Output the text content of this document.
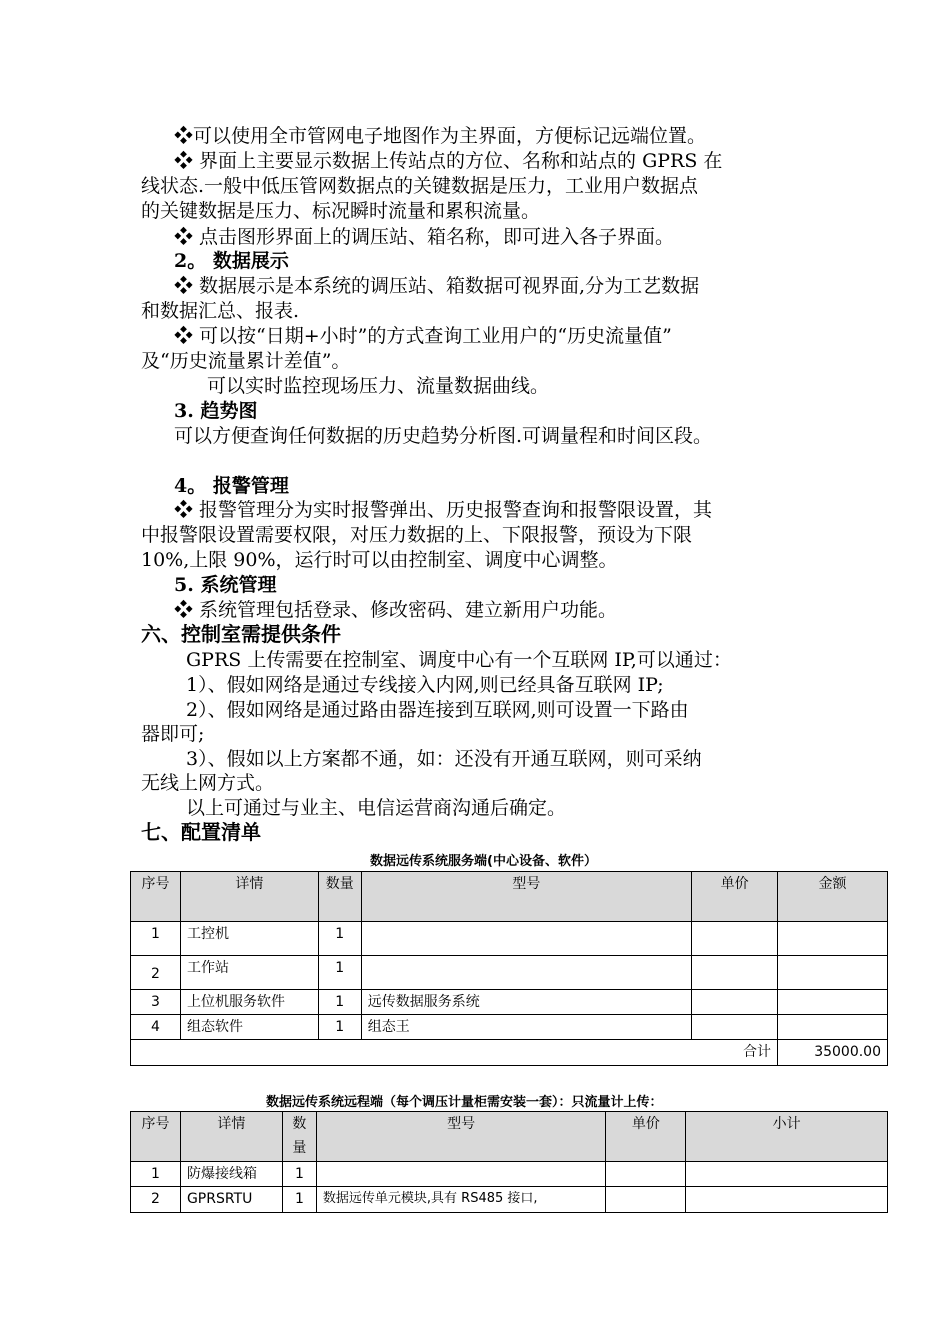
❖可以使用全市管网电子地图作为主界面，方便标记远端位置。
❖ 界面上主要显示数据上传站点的方位、名称和站点的 GPRS 在
线状态.一般中低压管网数据点的关键数据是压力，工业用户数据点
的关键数据是压力、标况瞬时流量和累积流量。
❖ 点击图形界面上的调压站、箱名称，即可进入各子界面。
2。 数据展示
❖ 数据展示是本系统的调压站、箱数据可视界面,分为工艺数据
和数据汇总、报表.
❖ 可以按“日期+小时”的方式查询工业用户的“历史流量值”
及“历史流量累计差值”。
可以实时监控现场压力、流量数据曲线。
3. 趋势图
可以方便查询任何数据的历史趋势分析图.可调量程和时间区段。
4。 报警管理
❖ 报警管理分为实时报警弹出、历史报警查询和报警限设置，其
中报警限设置需要权限，对压力数据的上、下限报警，预设为下限
10%,上限 90%，运行时可以由控制室、调度中心调整。
5. 系统管理
❖ 系统管理包括登录、修改密码、建立新用户功能。
六、控制室需提供条件
GPRS 上传需要在控制室、调度中心有一个互联网 IP,可以通过：
1）、假如网络是通过专线接入内网,则已经具备互联网 IP;
2）、假如网络是通过路由器连接到互联网,则可设置一下路由
器即可;
3）、假如以上方案都不通，如：还没有开通互联网，则可采纳
无线上网方式。
以上可通过与业主、电信运营商沟通后确定。
七、配置清单
数据远传系统服务端(中心设备、软件）
序号	详情	数量	型号	单价	金额
1	工控机	1			
2	工作站	1			
3	上位机服务软件	1	远传数据服务系统		
4	组态软件	1	组态王		
合计					35000.00
数据远传系统远程端（每个调压计量柜需安装一套）：只流量计上传：
序号	详情	数量	型号	单价	小计
1	防爆接线箱	1			
2	GPRSRTU	1	数据远传单元模块,具有 RS485 接口,		
